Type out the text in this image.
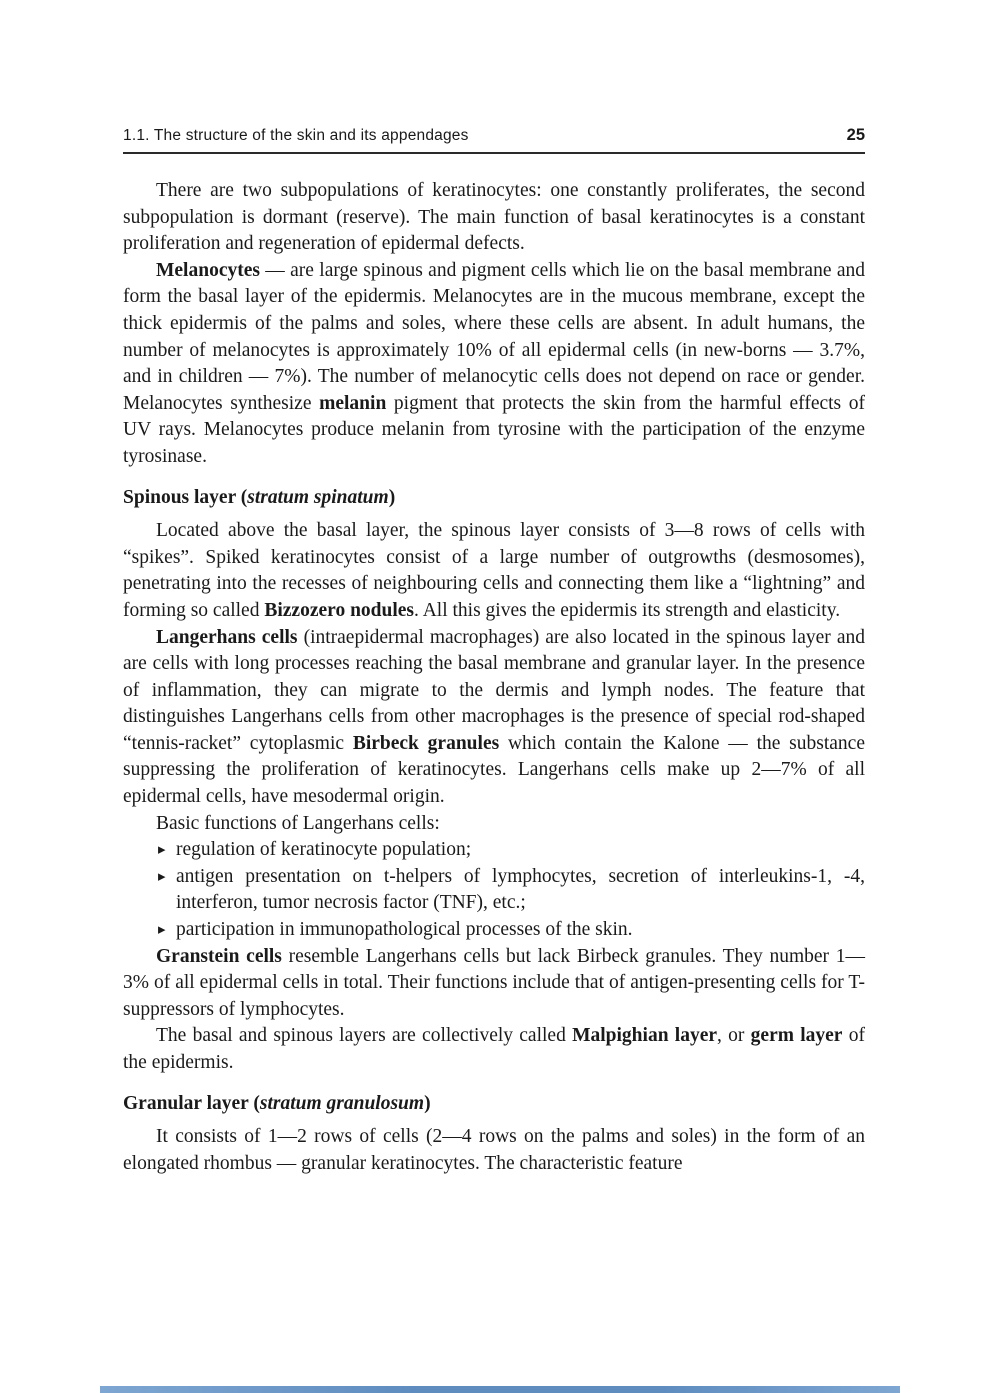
1.1. The structure of the skin and its appendages	25

There are two subpopulations of keratinocytes: one constantly proliferates, the second subpopulation is dormant (reserve). The main function of basal keratinocytes is a constant proliferation and regeneration of epidermal defects.

Melanocytes — are large spinous and pigment cells which lie on the basal membrane and form the basal layer of the epidermis. Melanocytes are in the mucous membrane, except the thick epidermis of the palms and soles, where these cells are absent. In adult humans, the number of melanocytes is approximately 10% of all epidermal cells (in new-borns — 3.7%, and in children — 7%). The number of melanocytic cells does not depend on race or gender. Melanocytes synthesize melanin pigment that protects the skin from the harmful effects of UV rays. Melanocytes produce melanin from tyrosine with the participation of the enzyme tyrosinase.

Spinous layer (stratum spinatum)

Located above the basal layer, the spinous layer consists of 3—8 rows of cells with “spikes”. Spiked keratinocytes consist of a large number of outgrowths (desmosomes), penetrating into the recesses of neighbouring cells and connecting them like a “lightning” and forming so called Bizzozero nodules. All this gives the epidermis its strength and elasticity.

Langerhans cells (intraepidermal macrophages) are also located in the spinous layer and are cells with long processes reaching the basal membrane and granular layer. In the presence of inflammation, they can migrate to the dermis and lymph nodes. The feature that distinguishes Langerhans cells from other macrophages is the presence of special rod-shaped “tennis-racket” cytoplasmic Birbeck granules which contain the Kalone — the substance suppressing the proliferation of keratinocytes. Langerhans cells make up 2—7% of all epidermal cells, have mesodermal origin.

Basic functions of Langerhans cells:

▸ regulation of keratinocyte population;
▸ antigen presentation on t-helpers of lymphocytes, secretion of interleukins-1, -4, interferon, tumor necrosis factor (TNF), etc.;
▸ participation in immunopathological processes of the skin.

Granstein cells resemble Langerhans cells but lack Birbeck granules. They number 1—3% of all epidermal cells in total. Their functions include that of antigen-presenting cells for T-suppressors of lymphocytes.

The basal and spinous layers are collectively called Malpighian layer, or germ layer of the epidermis.

Granular layer (stratum granulosum)

It consists of 1—2 rows of cells (2—4 rows on the palms and soles) in the form of an elongated rhombus — granular keratinocytes. The characteristic feature
